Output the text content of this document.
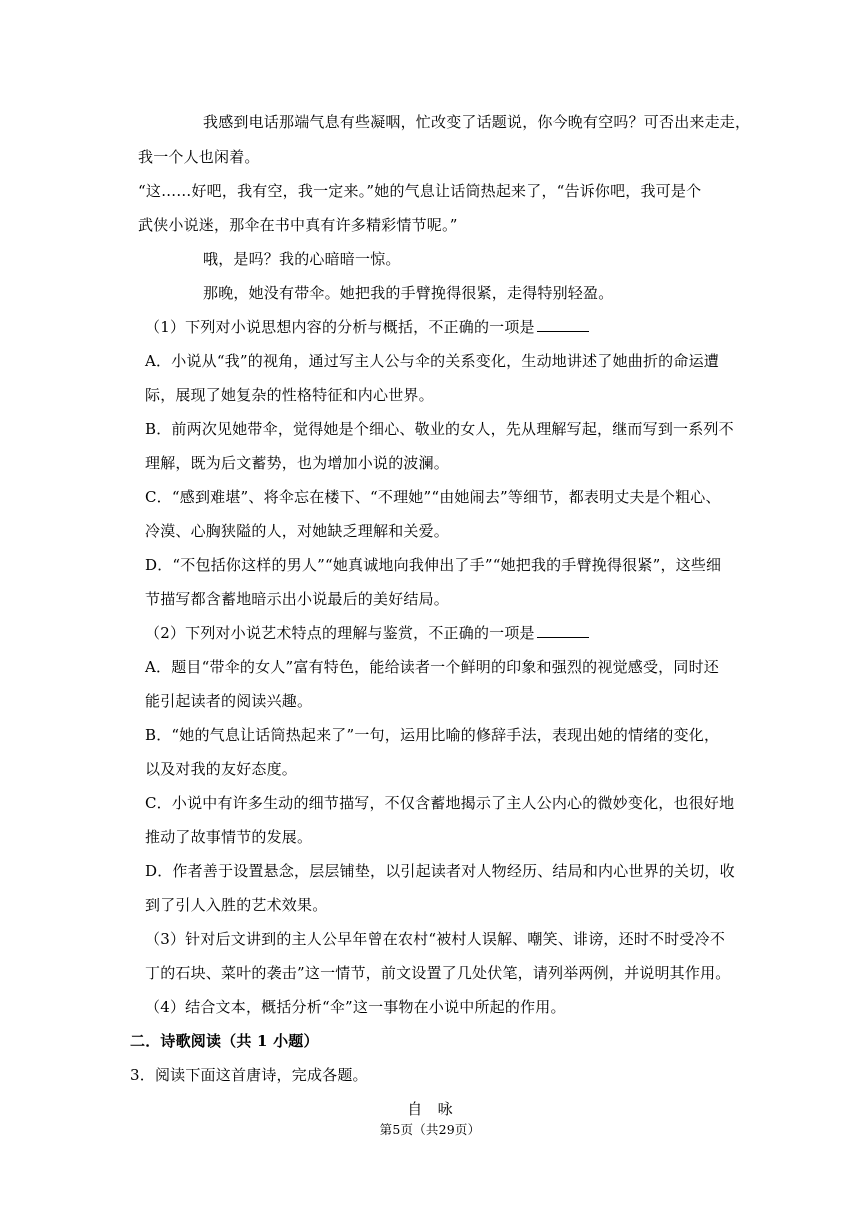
我感到电话那端气息有些凝咽，忙改变了话题说，你今晚有空吗？可否出来走走，
我一个人也闲着。
“这……好吧，我有空，我一定来。”她的气息让话筒热起来了，“告诉你吧，我可是个
武侠小说迷，那伞在书中真有许多精彩情节呢。”
哦，是吗？我的心暗暗一惊。
那晚，她没有带伞。她把我的手臂挽得很紧，走得特别轻盈。
（1）下列对小说思想内容的分析与概括，不正确的一项是
A．小说从“我”的视角，通过写主人公与伞的关系变化，生动地讲述了她曲折的命运遭
际，展现了她复杂的性格特征和内心世界。
B．前两次见她带伞，觉得她是个细心、敬业的女人，先从理解写起，继而写到一系列不
理解，既为后文蓄势，也为增加小说的波澜。
C．“感到难堪”、将伞忘在楼下、“不理她”“由她闹去”等细节，都表明丈夫是个粗心、
冷漠、心胸狭隘的人，对她缺乏理解和关爱。
D．“不包括你这样的男人”“她真诚地向我伸出了手”“她把我的手臂挽得很紧”，这些细
节描写都含蓄地暗示出小说最后的美好结局。
（2）下列对小说艺术特点的理解与鉴赏，不正确的一项是
A．题目“带伞的女人”富有特色，能给读者一个鲜明的印象和强烈的视觉感受，同时还
能引起读者的阅读兴趣。
B．“她的气息让话筒热起来了”一句，运用比喻的修辞手法，表现出她的情绪的变化，
以及对我的友好态度。
C．小说中有许多生动的细节描写，不仅含蓄地揭示了主人公内心的微妙变化，也很好地
推动了故事情节的发展。
D．作者善于设置悬念，层层铺垫，以引起读者对人物经历、结局和内心世界的关切，收
到了引人入胜的艺术效果。
（3）针对后文讲到的主人公早年曾在农村“被村人误解、嘲笑、诽谤，还时不时受冷不
丁的石块、菜叶的袭击”这一情节，前文设置了几处伏笔，请列举两例，并说明其作用。
（4）结合文本，概括分析“伞”这一事物在小说中所起的作用。
二．诗歌阅读（共 1 小题）
3．阅读下面这首唐诗，完成各题。
自　咏
第5页（共29页）
